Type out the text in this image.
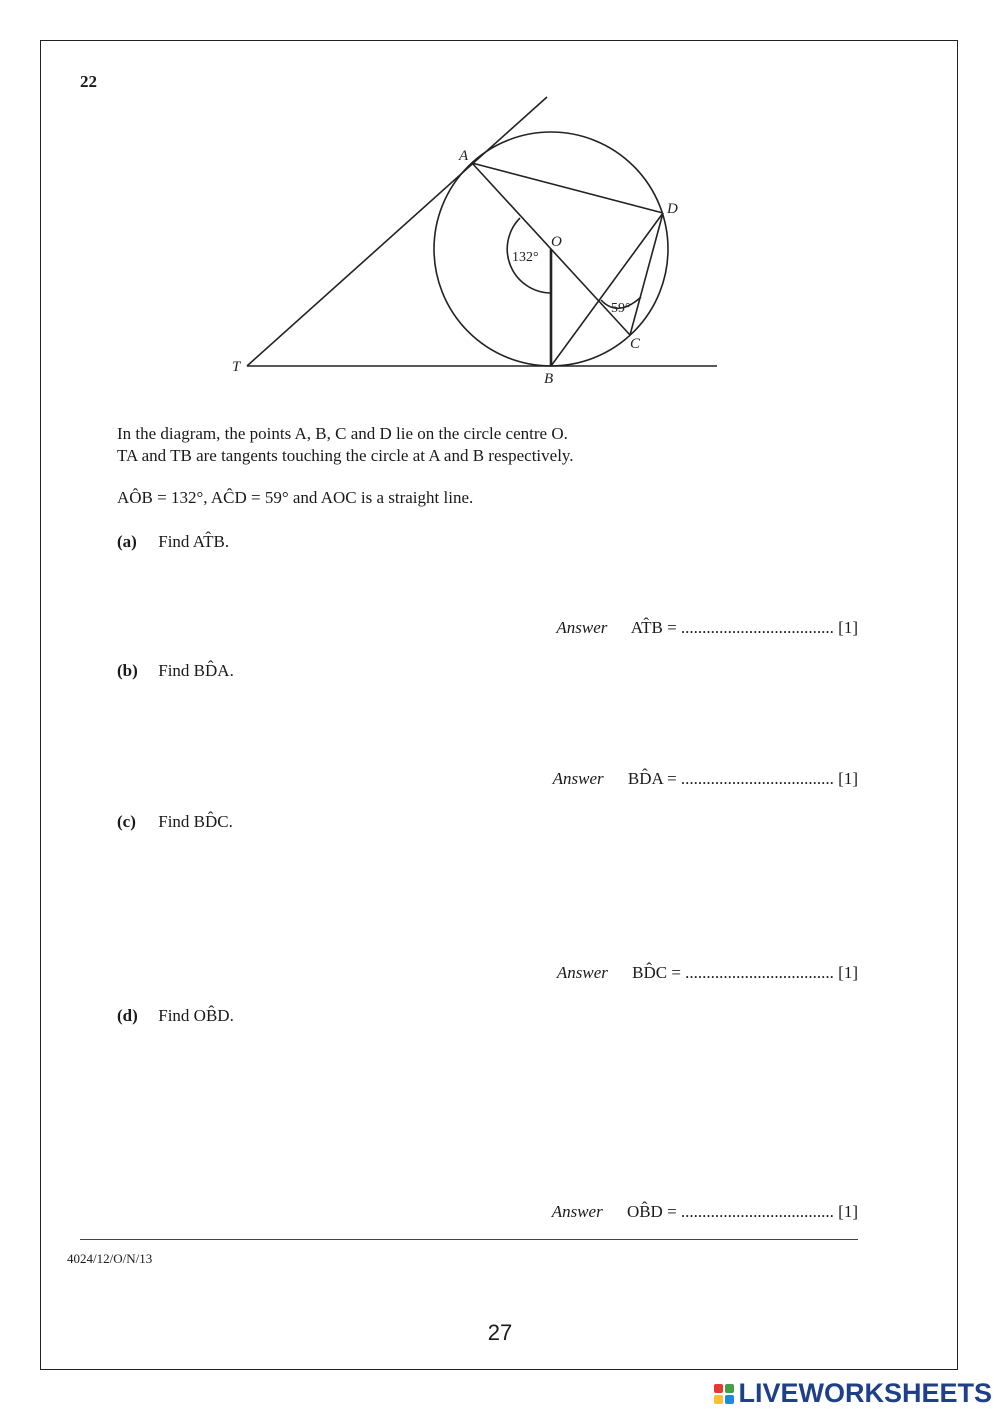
22
A
D
O
C
B
T
132°
59°
In the diagram, the points A, B, C and D lie on the circle centre O.
TA and TB are tangents touching the circle at A and B respectively.
AÔB = 132°, AĈD = 59° and AOC is a straight line.
(a) Find AT̂B.
Answer AT̂B = .................................... [1]
(b) Find BD̂A.
Answer BD̂A = .................................... [1]
(c) Find BD̂C.
Answer BD̂C = ................................... [1]
(d) Find OB̂D.
Answer OB̂D = .................................... [1]
4024/12/O/N/13
27
LIVEWORKSHEETS
